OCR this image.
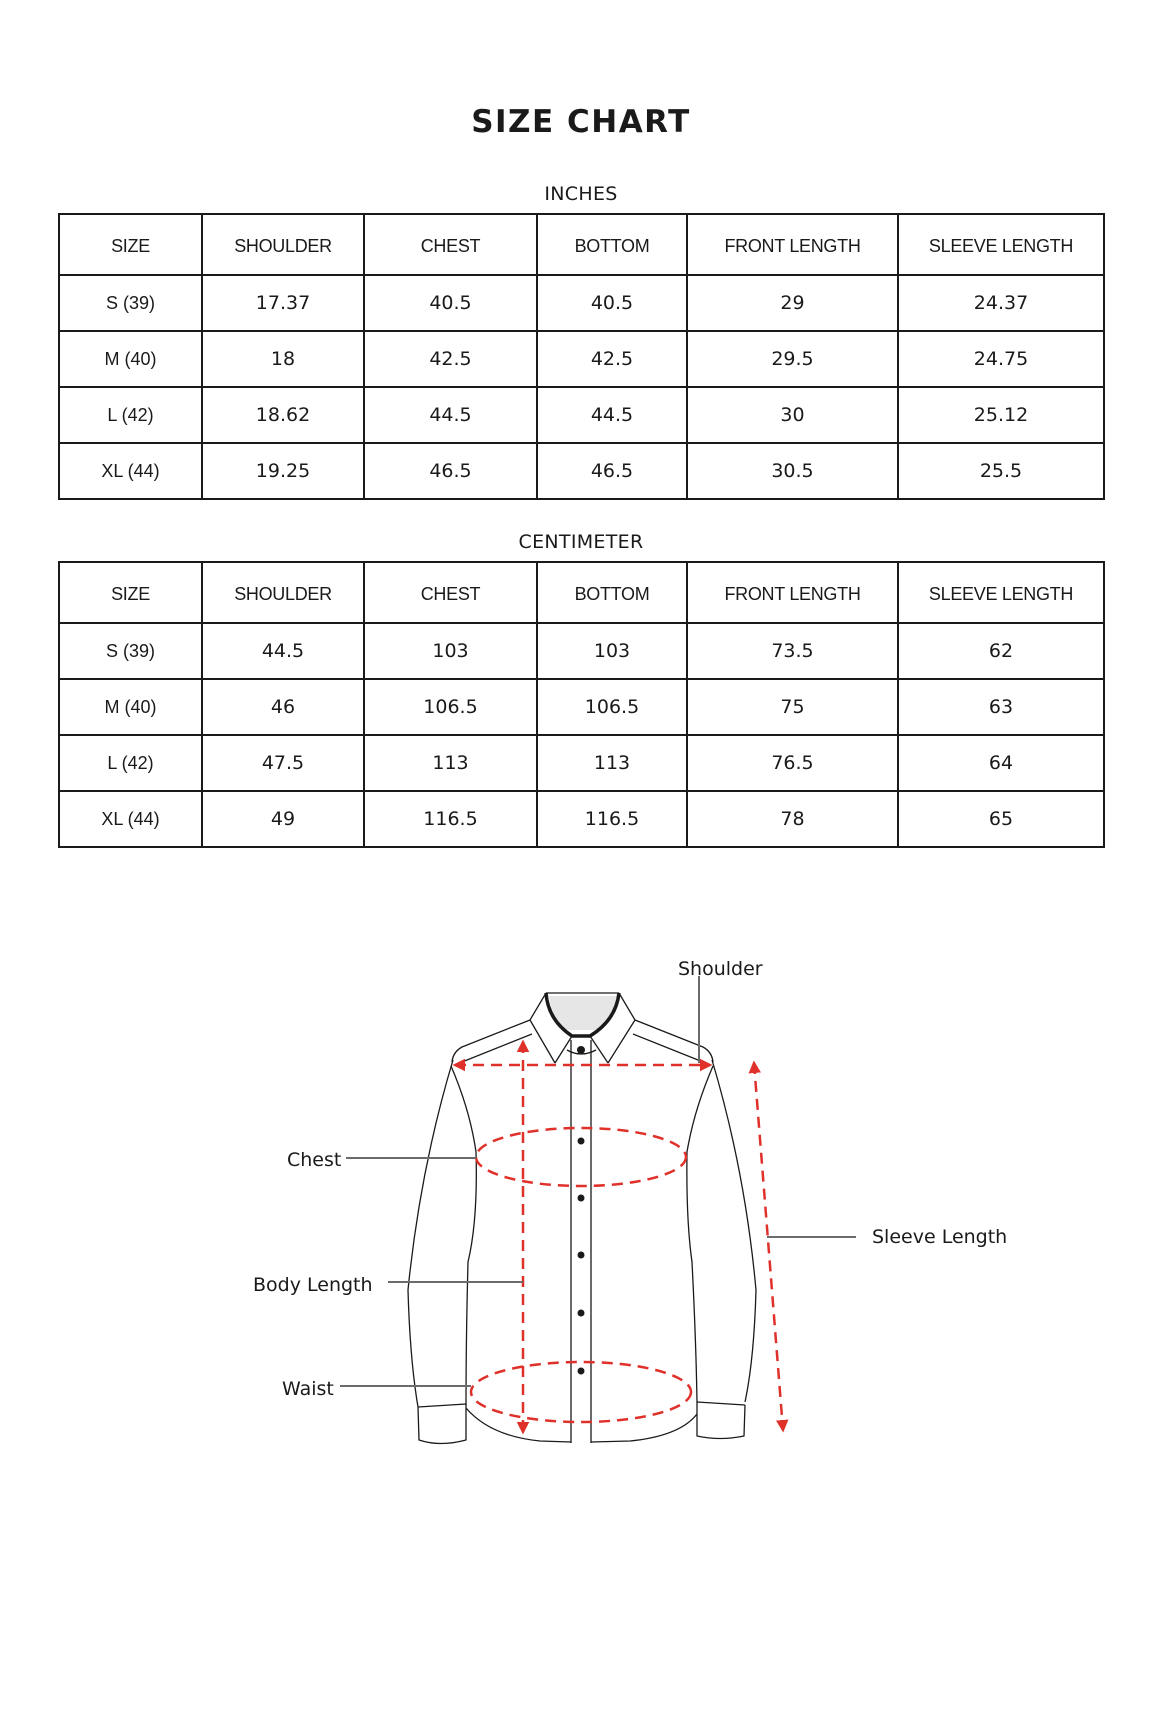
SIZE CHART
INCHES
SIZE	SHOULDER	CHEST	BOTTOM	FRONT LENGTH	SLEEVE LENGTH
S (39)	17.37	40.5	40.5	29	24.37
M (40)	18	42.5	42.5	29.5	24.75
L (42)	18.62	44.5	44.5	30	25.12
XL (44)	19.25	46.5	46.5	30.5	25.5
CENTIMETER
SIZE	SHOULDER	CHEST	BOTTOM	FRONT LENGTH	SLEEVE LENGTH
S (39)	44.5	103	103	73.5	62
M (40)	46	106.5	106.5	75	63
L (42)	47.5	113	113	76.5	64
XL (44)	49	116.5	116.5	78	65
Shoulder
Chest
Body Length
Waist
Sleeve Length
